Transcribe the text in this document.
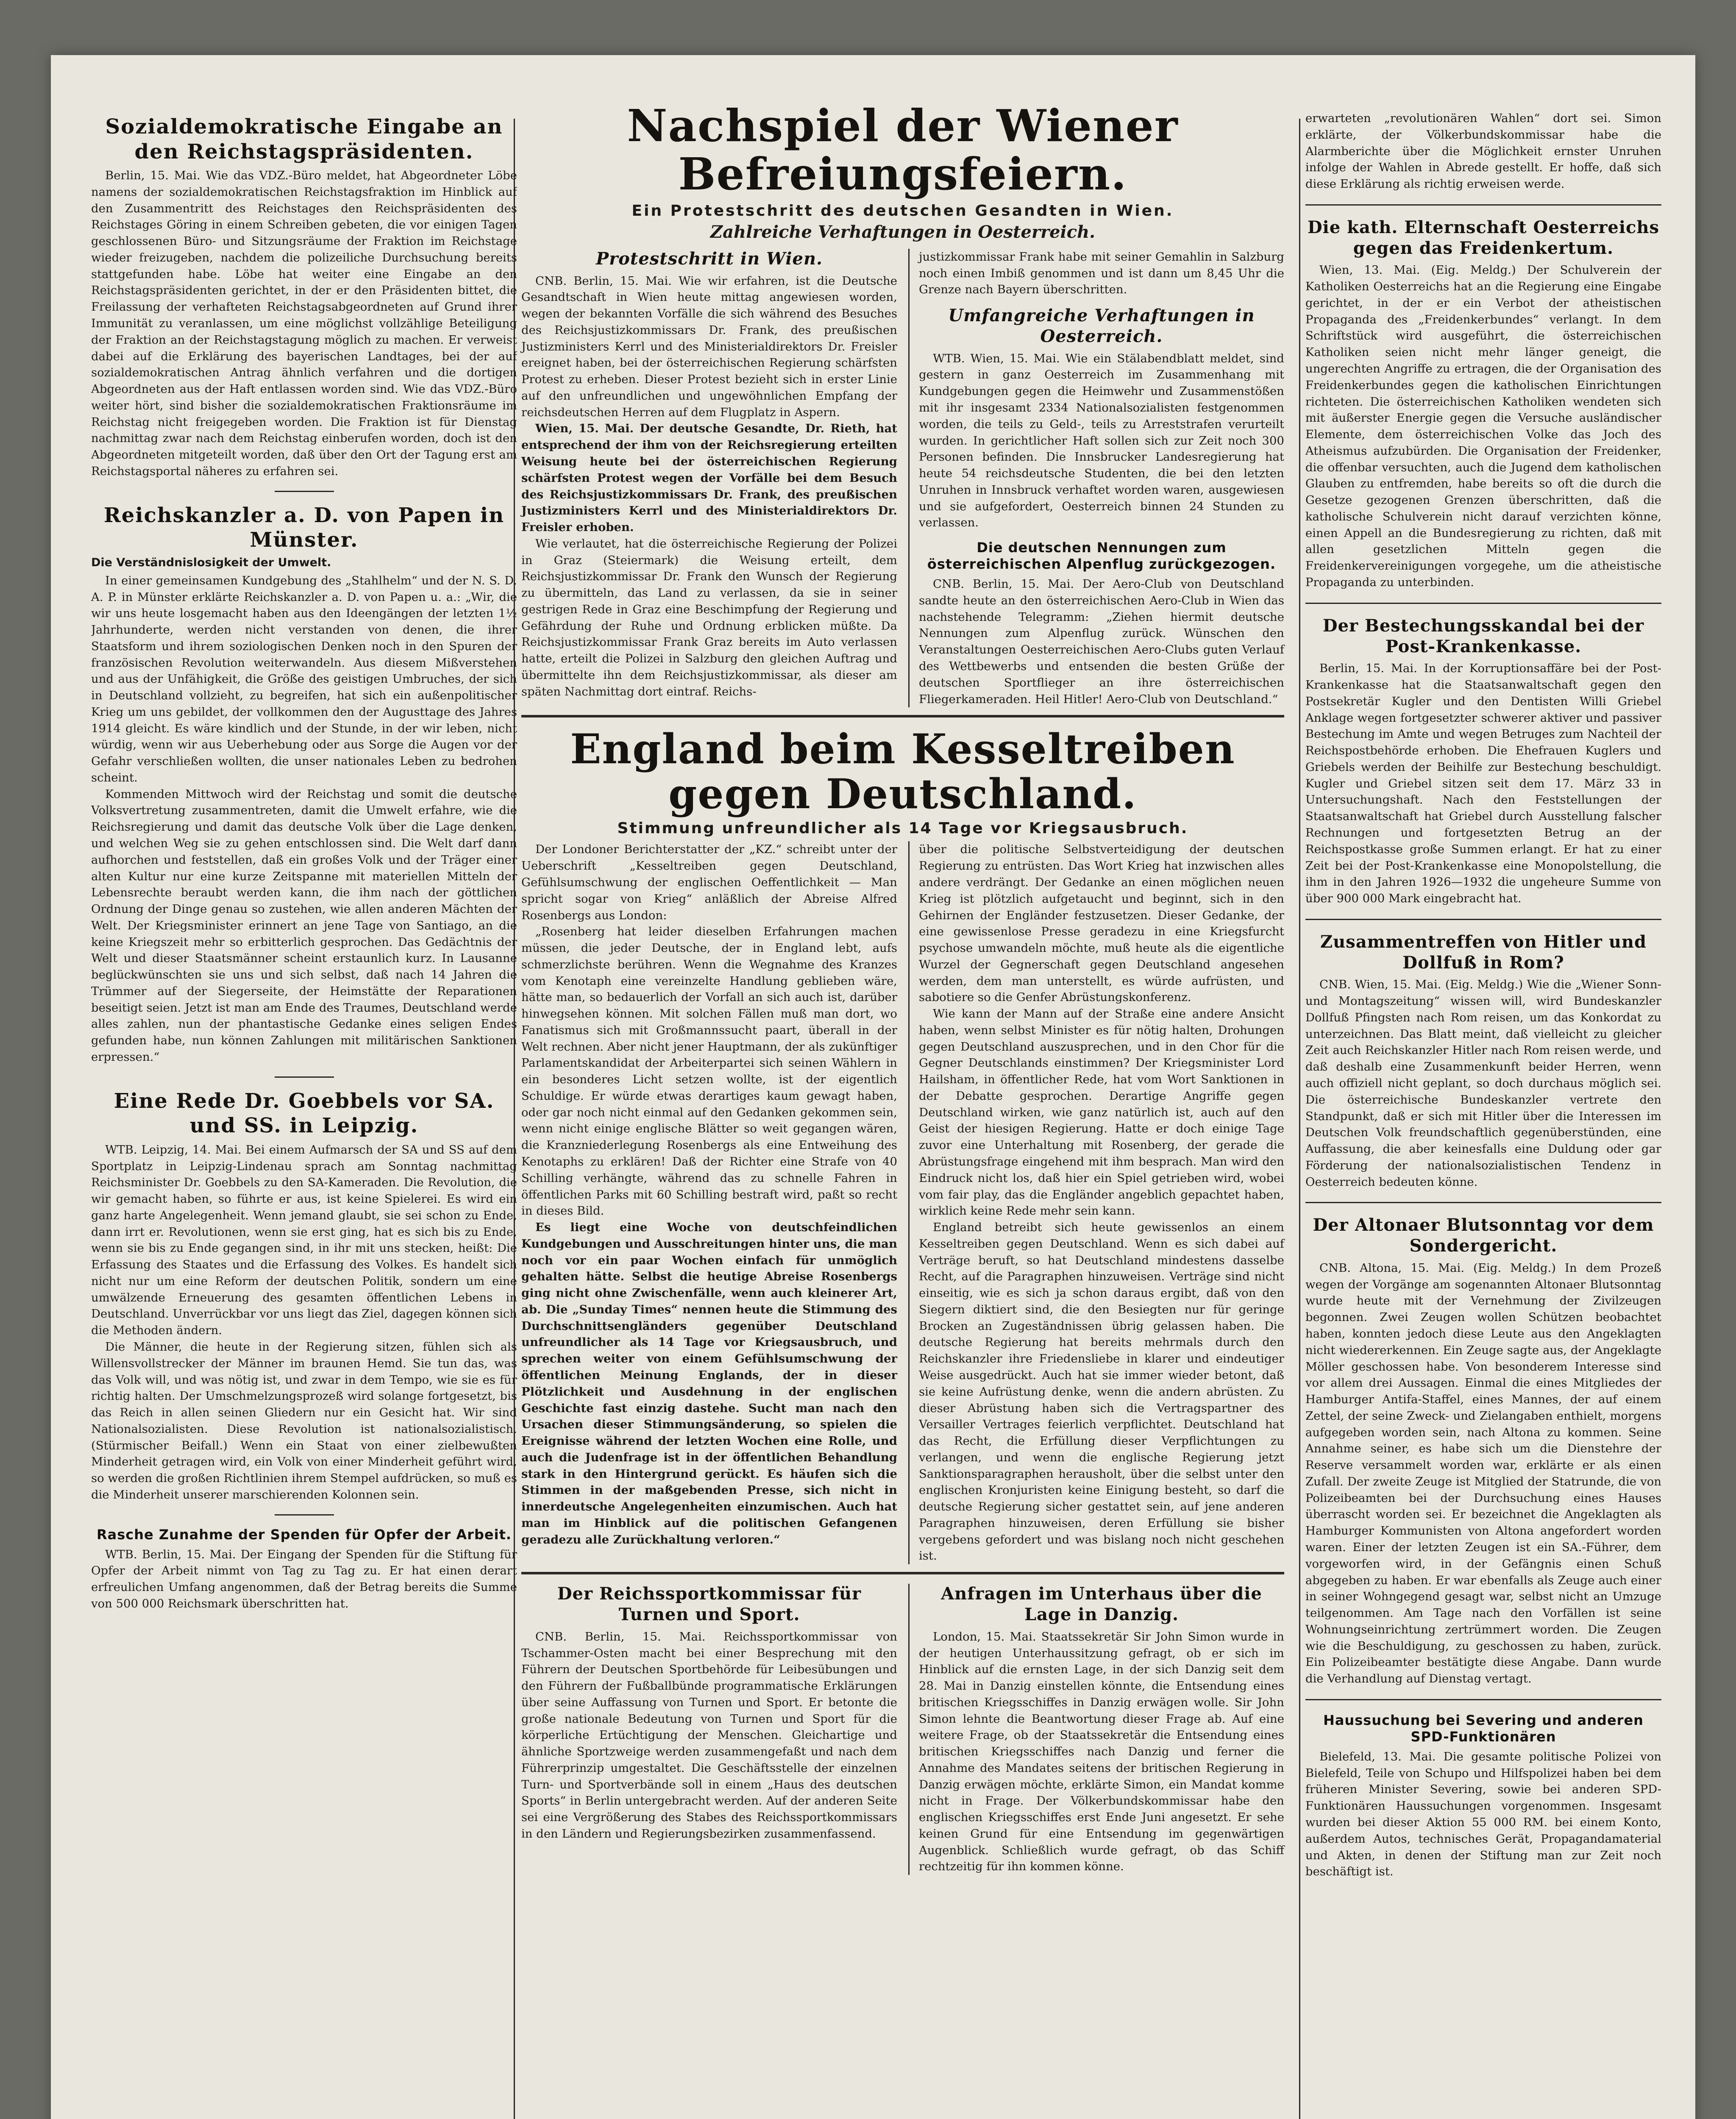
Sozialdemokratische Eingabe an den Reichstagspräsidenten.

Berlin, 15. Mai. Wie das VDZ.-Büro meldet, hat Abgeordneter Löbe namens der sozialdemokratischen Reichstagsfraktion im Hinblick auf den Zusammentritt des Reichstages den Reichspräsidenten des Reichstages Göring in einem Schreiben gebeten, die vor einigen Tagen geschlossenen Büro- und Sitzungsräume der Fraktion im Reichstage wieder freizugeben, nachdem die polizeiliche Durchsuchung bereits stattgefunden habe. Löbe hat weiter eine Eingabe an den Reichstagspräsidenten gerichtet, in der er den Präsidenten bittet, die Freilassung der verhafteten Reichstagsabgeordneten auf Grund ihrer Immunität zu veranlassen, um eine möglichst vollzählige Beteiligung der Fraktion an der Reichstagstagung möglich zu machen. Er verweist dabei auf die Erklärung des bayerischen Landtages, bei der auf sozialdemokratischen Antrag ähnlich verfahren und die dortigen Abgeordneten aus der Haft entlassen worden sind. Wie das VDZ.-Büro weiter hört, sind bisher die sozialdemokratischen Fraktionsräume im Reichstag nicht freigegeben worden. Die Fraktion ist für Dienstag nachmittag zwar nach dem Reichstag einberufen worden, doch ist den Abgeordneten mitgeteilt worden, daß über den Ort der Tagung erst am Reichstagsportal näheres zu erfahren sei.

Reichskanzler a. D. von Papen in Münster.
Die Verständnislosigkeit der Umwelt.

In einer gemeinsamen Kundgebung des „Stahlhelm“ und der N. S. D. A. P. in Münster erklärte Reichskanzler a. D. von Papen u. a.: „Wir, die wir uns heute losgemacht haben aus den Ideengängen der letzten 1½ Jahrhunderte, werden nicht verstanden von denen, die ihrer Staatsform und ihrem soziologischen Denken noch in den Spuren der französischen Revolution weiterwandeln. Aus diesem Mißverstehen und aus der Unfähigkeit, die Größe des geistigen Umbruches, der sich in Deutschland vollzieht, zu begreifen, hat sich ein außenpolitischer Krieg um uns gebildet, der vollkommen den der Augusttage des Jahres 1914 gleicht. Es wäre kindlich und der Stunde, in der wir leben, nicht würdig, wenn wir aus Ueberhebung oder aus Sorge die Augen vor der Gefahr verschließen wollten, die unser nationales Leben zu bedrohen scheint.

Kommenden Mittwoch wird der Reichstag und somit die deutsche Volksvertretung zusammentreten, damit die Umwelt erfahre, wie die Reichsregierung und damit das deutsche Volk über die Lage denken, und welchen Weg sie zu gehen entschlossen sind. Die Welt darf dann aufhorchen und feststellen, daß ein großes Volk und der Träger einer alten Kultur nur eine kurze Zeitspanne mit materiellen Mitteln der Lebensrechte beraubt werden kann, die ihm nach der göttlichen Ordnung der Dinge genau so zustehen, wie allen anderen Mächten der Welt. Der Kriegsminister erinnert an jene Tage von Santiago, an die keine Kriegszeit mehr so erbitterlich gesprochen. Das Gedächtnis der Welt und dieser Staatsmänner scheint erstaunlich kurz. In Lausanne beglückwünschten sie uns und sich selbst, daß nach 14 Jahren die Trümmer auf der Siegerseite, der Heimstätte der Reparationen beseitigt seien. Jetzt ist man am Ende des Traumes, Deutschland werde alles zahlen, nun der phantastische Gedanke eines seligen Endes gefunden habe, nun können Zahlungen mit militärischen Sanktionen erpressen.“

Eine Rede Dr. Goebbels vor SA. und SS. in Leipzig.

WTB. Leipzig, 14. Mai. Bei einem Aufmarsch der SA und SS auf dem Sportplatz in Leipzig-Lindenau sprach am Sonntag nachmittag Reichsminister Dr. Goebbels zu den SA-Kameraden. Die Revolution, die wir gemacht haben, so führte er aus, ist keine Spielerei. Es wird ein ganz harte Angelegenheit. Wenn jemand glaubt, sie sei schon zu Ende, dann irrt er. Revolutionen, wenn sie erst ging, hat es sich bis zu Ende, wenn sie bis zu Ende gegangen sind, in ihr mit uns stecken, heißt: Die Erfassung des Staates und die Erfassung des Volkes. Es handelt sich nicht nur um eine Reform der deutschen Politik, sondern um eine umwälzende Erneuerung des gesamten öffentlichen Lebens in Deutschland. Unverrückbar vor uns liegt das Ziel, dagegen können sich die Methoden ändern.

Die Männer, die heute in der Regierung sitzen, fühlen sich als Willensvollstrecker der Männer im braunen Hemd. Sie tun das, was das Volk will, und was nötig ist, und zwar in dem Tempo, wie sie es für richtig halten. Der Umschmelzungsprozeß wird solange fortgesetzt, bis das Reich in allen seinen Gliedern nur ein Gesicht hat. Wir sind Nationalsozialisten. Diese Revolution ist nationalsozialistisch. (Stürmischer Beifall.) Wenn ein Staat von einer zielbewußten Minderheit getragen wird, ein Volk von einer Minderheit geführt wird, so werden die großen Richtlinien ihrem Stempel aufdrücken, so muß es die Minderheit unserer marschierenden Kolonnen sein.

Rasche Zunahme der Spenden für Opfer der Arbeit.

WTB. Berlin, 15. Mai. Der Eingang der Spenden für die Stiftung für Opfer der Arbeit nimmt von Tag zu Tag zu. Er hat einen derart erfreulichen Umfang angenommen, daß der Betrag bereits die Summe von 500 000 Reichsmark überschritten hat.

Nachspiel der Wiener Befreiungsfeiern.
Ein Protestschritt des deutschen Gesandten in Wien.
Zahlreiche Verhaftungen in Oesterreich.
Protestschritt in Wien.

CNB. Berlin, 15. Mai. Wie wir erfahren, ist die Deutsche Gesandtschaft in Wien heute mittag angewiesen worden, wegen der bekannten Vorfälle die sich während des Besuches des Reichsjustizkommissars Dr. Frank, des preußischen Justizministers Kerrl und des Ministerialdirektors Dr. Freisler ereignet haben, bei der österreichischen Regierung schärfsten Protest zu erheben. Dieser Protest bezieht sich in erster Linie auf den unfreundlichen und ungewöhnlichen Empfang der reichsdeutschen Herren auf dem Flugplatz in Aspern.

Wien, 15. Mai. Der deutsche Gesandte, Dr. Rieth, hat entsprechend der ihm von der Reichsregierung erteilten Weisung heute bei der österreichischen Regierung schärfsten Protest wegen der Vorfälle bei dem Besuch des Reichsjustizkommissars Dr. Frank, des preußischen Justizministers Kerrl und des Ministerialdirektors Dr. Freisler erhoben.

Wie verlautet, hat die österreichische Regierung der Polizei in Graz (Steiermark) die Weisung erteilt, dem Reichsjustizkommissar Dr. Frank den Wunsch der Regierung zu übermitteln, das Land zu verlassen, da sie in seiner gestrigen Rede in Graz eine Beschimpfung der Regierung und Gefährdung der Ruhe und Ordnung erblicken müßte. Da Reichsjustizkommissar Frank Graz bereits im Auto verlassen hatte, erteilt die Polizei in Salzburg den gleichen Auftrag und übermittelte ihn dem Reichsjustizkommissar, als dieser am späten Nachmittag dort eintraf. Reichs-

justizkommissar Frank habe mit seiner Gemahlin in Salzburg noch einen Imbiß genommen und ist dann um 8,45 Uhr die Grenze nach Bayern überschritten.

Umfangreiche Verhaftungen in Oesterreich.

WTB. Wien, 15. Mai. Wie ein Stälabendblatt meldet, sind gestern in ganz Oesterreich im Zusammenhang mit Kundgebungen gegen die Heimwehr und Zusammenstößen mit ihr insgesamt 2334 Nationalsozialisten festgenommen worden, die teils zu Geld-, teils zu Arreststrafen verurteilt wurden. In gerichtlicher Haft sollen sich zur Zeit noch 300 Personen befinden. Die Innsbrucker Landesregierung hat heute 54 reichsdeutsche Studenten, die bei den letzten Unruhen in Innsbruck verhaftet worden waren, ausgewiesen und sie aufgefordert, Oesterreich binnen 24 Stunden zu verlassen.

Die deutschen Nennungen zum österreichischen Alpenflug zurückgezogen.

CNB. Berlin, 15. Mai. Der Aero-Club von Deutschland sandte heute an den österreichischen Aero-Club in Wien das nachstehende Telegramm: „Ziehen hiermit deutsche Nennungen zum Alpenflug zurück. Wünschen den Veranstaltungen Oesterreichischen Aero-Clubs guten Verlauf des Wettbewerbs und entsenden die besten Grüße der deutschen Sportflieger an ihre österreichischen Fliegerkameraden. Heil Hitler! Aero-Club von Deutschland.“

England beim Kesseltreiben gegen Deutschland.
Stimmung unfreundlicher als 14 Tage vor Kriegsausbruch.

Der Londoner Berichterstatter der „KZ.“ schreibt unter der Ueberschrift „Kesseltreiben gegen Deutschland, Gefühlsumschwung der englischen Oeffentlichkeit — Man spricht sogar von Krieg“ anläßlich der Abreise Alfred Rosenbergs aus London:

„Rosenberg hat leider dieselben Erfahrungen machen müssen, die jeder Deutsche, der in England lebt, aufs schmerzlichste berühren. Wenn die Wegnahme des Kranzes vom Kenotaph eine vereinzelte Handlung geblieben wäre, hätte man, so bedauerlich der Vorfall an sich auch ist, darüber hinwegsehen können. Mit solchen Fällen muß man dort, wo Fanatismus sich mit Großmannssucht paart, überall in der Welt rechnen. Aber nicht jener Hauptmann, der als zukünftiger Parlamentskandidat der Arbeiterpartei sich seinen Wählern in ein besonderes Licht setzen wollte, ist der eigentlich Schuldige. Er würde etwas derartiges kaum gewagt haben, oder gar noch nicht einmal auf den Gedanken gekommen sein, wenn nicht einige englische Blätter so weit gegangen wären, die Kranzniederlegung Rosenbergs als eine Entweihung des Kenotaphs zu erklären! Daß der Richter eine Strafe von 40 Schilling verhängte, während das zu schnelle Fahren in öffentlichen Parks mit 60 Schilling bestraft wird, paßt so recht in dieses Bild.

Es liegt eine Woche von deutschfeindlichen Kundgebungen und Ausschreitungen hinter uns, die man noch vor ein paar Wochen einfach für unmöglich gehalten hätte. Selbst die heutige Abreise Rosenbergs ging nicht ohne Zwischenfälle, wenn auch kleinerer Art, ab. Die „Sunday Times“ nennen heute die Stimmung des Durchschnittsengländers gegenüber Deutschland unfreundlicher als 14 Tage vor Kriegsausbruch, und sprechen weiter von einem Gefühlsumschwung der öffentlichen Meinung Englands, der in dieser Plötzlichkeit und Ausdehnung in der englischen Geschichte fast einzig dastehe. Sucht man nach den Ursachen dieser Stimmungsänderung, so spielen die Ereignisse während der letzten Wochen eine Rolle, und auch die Judenfrage ist in der öffentlichen Behandlung stark in den Hintergrund gerückt. Es häufen sich die Stimmen in der maßgebenden Presse, sich nicht in innerdeutsche Angelegenheiten einzumischen. Auch hat man im Hinblick auf die politischen Gefangenen geradezu alle Zurückhaltung verloren.“

über die politische Selbstverteidigung der deutschen Regierung zu entrüsten. Das Wort Krieg hat inzwischen alles andere verdrängt. Der Gedanke an einen möglichen neuen Krieg ist plötzlich aufgetaucht und beginnt, sich in den Gehirnen der Engländer festzusetzen. Dieser Gedanke, der eine gewissenlose Presse geradezu in eine Kriegsfurcht psychose umwandeln möchte, muß heute als die eigentliche Wurzel der Gegnerschaft gegen Deutschland angesehen werden, dem man unterstellt, es würde aufrüsten, und sabotiere so die Genfer Abrüstungskonferenz.

Wie kann der Mann auf der Straße eine andere Ansicht haben, wenn selbst Minister es für nötig halten, Drohungen gegen Deutschland auszusprechen, und in den Chor für die Gegner Deutschlands einstimmen? Der Kriegsminister Lord Hailsham, in öffentlicher Rede, hat vom Wort Sanktionen in der Debatte gesprochen. Derartige Angriffe gegen Deutschland wirken, wie ganz natürlich ist, auch auf den Geist der hiesigen Regierung. Hatte er doch einige Tage zuvor eine Unterhaltung mit Rosenberg, der gerade die Abrüstungsfrage eingehend mit ihm besprach. Man wird den Eindruck nicht los, daß hier ein Spiel getrieben wird, wobei vom fair play, das die Engländer angeblich gepachtet haben, wirklich keine Rede mehr sein kann.

England betreibt sich heute gewissenlos an einem Kesseltreiben gegen Deutschland. Wenn es sich dabei auf Verträge beruft, so hat Deutschland mindestens dasselbe Recht, auf die Paragraphen hinzuweisen. Verträge sind nicht einseitig, wie es sich ja schon daraus ergibt, daß von den Siegern diktiert sind, die den Besiegten nur für geringe Brocken an Zugeständnissen übrig gelassen haben. Die deutsche Regierung hat bereits mehrmals durch den Reichskanzler ihre Friedensliebe in klarer und eindeutiger Weise ausgedrückt. Auch hat sie immer wieder betont, daß sie keine Aufrüstung denke, wenn die andern abrüsten. Zu dieser Abrüstung haben sich die Vertragspartner des Versailler Vertrages feierlich verpflichtet. Deutschland hat das Recht, die Erfüllung dieser Verpflichtungen zu verlangen, und wenn die englische Regierung jetzt Sanktionsparagraphen herausholt, über die selbst unter den englischen Kronjuristen keine Einigung besteht, so darf die deutsche Regierung sicher gestattet sein, auf jene anderen Paragraphen hinzuweisen, deren Erfüllung sie bisher vergebens gefordert und was bislang noch nicht geschehen ist.

Der Reichssportkommissar für Turnen und Sport.

CNB. Berlin, 15. Mai. Reichssportkommissar von Tschammer-Osten macht bei einer Besprechung mit den Führern der Deutschen Sportbehörde für Leibesübungen und den Führern der Fußballbünde programmatische Erklärungen über seine Auffassung von Turnen und Sport. Er betonte die große nationale Bedeutung von Turnen und Sport für die körperliche Ertüchtigung der Menschen. Gleichartige und ähnliche Sportzweige werden zusammengefaßt und nach dem Führerprinzip umgestaltet. Die Geschäftsstelle der einzelnen Turn- und Sportverbände soll in einem „Haus des deutschen Sports“ in Berlin untergebracht werden. Auf der anderen Seite sei eine Vergrößerung des Stabes des Reichssportkommissars in den Ländern und Regierungsbezirken zusammenfassend.

Anfragen im Unterhaus über die Lage in Danzig.

London, 15. Mai. Staatssekretär Sir John Simon wurde in der heutigen Unterhaussitzung gefragt, ob er sich im Hinblick auf die ernsten Lage, in der sich Danzig seit dem 28. Mai in Danzig einstellen könnte, die Entsendung eines britischen Kriegsschiffes in Danzig erwägen wolle. Sir John Simon lehnte die Beantwortung dieser Frage ab. Auf eine weitere Frage, ob der Staatssekretär die Entsendung eines britischen Kriegsschiffes nach Danzig und ferner die Annahme des Mandates seitens der britischen Regierung in Danzig erwägen möchte, erklärte Simon, ein Mandat komme nicht in Frage. Der Völkerbundskommissar habe den englischen Kriegsschiffes erst Ende Juni angesetzt. Er sehe keinen Grund für eine Entsendung im gegenwärtigen Augenblick. Schließlich wurde gefragt, ob das Schiff rechtzeitig für ihn kommen könne.

erwarteten „revolutionären Wahlen“ dort sei. Simon erklärte, der Völkerbundskommissar habe die Alarmberichte über die Möglichkeit ernster Unruhen infolge der Wahlen in Abrede gestellt. Er hoffe, daß sich diese Erklärung als richtig erweisen werde.

Die kath. Elternschaft Oesterreichs gegen das Freidenkertum.

Wien, 13. Mai. (Eig. Meldg.) Der Schulverein der Katholiken Oesterreichs hat an die Regierung eine Eingabe gerichtet, in der er ein Verbot der atheistischen Propaganda des „Freidenkerbundes“ verlangt. In dem Schriftstück wird ausgeführt, die österreichischen Katholiken seien nicht mehr länger geneigt, die ungerechten Angriffe zu ertragen, die der Organisation des Freidenkerbundes gegen die katholischen Einrichtungen richteten. Die österreichischen Katholiken wendeten sich mit äußerster Energie gegen die Versuche ausländischer Elemente, dem österreichischen Volke das Joch des Atheismus aufzubürden. Die Organisation der Freidenker, die offenbar versuchten, auch die Jugend dem katholischen Glauben zu entfremden, habe bereits so oft die durch die Gesetze gezogenen Grenzen überschritten, daß die katholische Schulverein nicht darauf verzichten könne, einen Appell an die Bundesregierung zu richten, daß mit allen gesetzlichen Mitteln gegen die Freidenkervereinigungen vorgegehe, um die atheistische Propaganda zu unterbinden.

Der Bestechungsskandal bei der Post-Krankenkasse.

Berlin, 15. Mai. In der Korruptionsaffäre bei der Post-Krankenkasse hat die Staatsanwaltschaft gegen den Postsekretär Kugler und den Dentisten Willi Griebel Anklage wegen fortgesetzter schwerer aktiver und passiver Bestechung im Amte und wegen Betruges zum Nachteil der Reichspostbehörde erhoben. Die Ehefrauen Kuglers und Griebels werden der Beihilfe zur Bestechung beschuldigt. Kugler und Griebel sitzen seit dem 17. März 33 in Untersuchungshaft. Nach den Feststellungen der Staatsanwaltschaft hat Griebel durch Ausstellung falscher Rechnungen und fortgesetzten Betrug an der Reichspostkasse große Summen erlangt. Er hat zu einer Zeit bei der Post-Krankenkasse eine Monopolstellung, die ihm in den Jahren 1926—1932 die ungeheure Summe von über 900 000 Mark eingebracht hat.

Zusammentreffen von Hitler und Dollfuß in Rom?

CNB. Wien, 15. Mai. (Eig. Meldg.) Wie die „Wiener Sonn- und Montagszeitung“ wissen will, wird Bundeskanzler Dollfuß Pfingsten nach Rom reisen, um das Konkordat zu unterzeichnen. Das Blatt meint, daß vielleicht zu gleicher Zeit auch Reichskanzler Hitler nach Rom reisen werde, und daß deshalb eine Zusammenkunft beider Herren, wenn auch offiziell nicht geplant, so doch durchaus möglich sei. Die österreichische Bundeskanzler vertrete den Standpunkt, daß er sich mit Hitler über die Interessen im Deutschen Volk freundschaftlich gegenüberstünden, eine Auffassung, die aber keinesfalls eine Duldung oder gar Förderung der nationalsozialistischen Tendenz in Oesterreich bedeuten könne.

Der Altonaer Blutsonntag vor dem Sondergericht.

CNB. Altona, 15. Mai. (Eig. Meldg.) In dem Prozeß wegen der Vorgänge am sogenannten Altonaer Blutsonntag wurde heute mit der Vernehmung der Zivilzeugen begonnen. Zwei Zeugen wollen Schützen beobachtet haben, konnten jedoch diese Leute aus den Angeklagten nicht wiedererkennen. Ein Zeuge sagte aus, der Angeklagte Möller geschossen habe. Von besonderem Interesse sind vor allem drei Aussagen. Einmal die eines Mitgliedes der Hamburger Antifa-Staffel, eines Mannes, der auf einem Zettel, der seine Zweck- und Zielangaben enthielt, morgens aufgegeben worden sein, nach Altona zu kommen. Seine Annahme seiner, es habe sich um die Dienstehre der Reserve versammelt worden war, erklärte er als einen Zufall. Der zweite Zeuge ist Mitglied der Statrunde, die von Polizeibeamten bei der Durchsuchung eines Hauses überrascht worden sei. Er bezeichnet die Angeklagten als Hamburger Kommunisten von Altona angefordert worden waren. Einer der letzten Zeugen ist ein SA.-Führer, dem vorgeworfen wird, in der Gefängnis einen Schuß abgegeben zu haben. Er war ebenfalls als Zeuge auch einer in seiner Wohngegend gesagt war, selbst nicht an Umzuge teilgenommen. Am Tage nach den Vorfällen ist seine Wohnungseinrichtung zertrümmert worden. Die Zeugen wie die Beschuldigung, zu geschossen zu haben, zurück. Ein Polizeibeamter bestätigte diese Angabe. Dann wurde die Verhandlung auf Dienstag vertagt.

Haussuchung bei Severing und anderen SPD-Funktionären

Bielefeld, 13. Mai. Die gesamte politische Polizei von Bielefeld, Teile von Schupo und Hilfspolizei haben bei dem früheren Minister Severing, sowie bei anderen SPD-Funktionären Haussuchungen vorgenommen. Insgesamt wurden bei dieser Aktion 55 000 RM. bei einem Konto, außerdem Autos, technisches Gerät, Propagandamaterial und Akten, in denen der Stiftung man zur Zeit noch beschäftigt ist.
